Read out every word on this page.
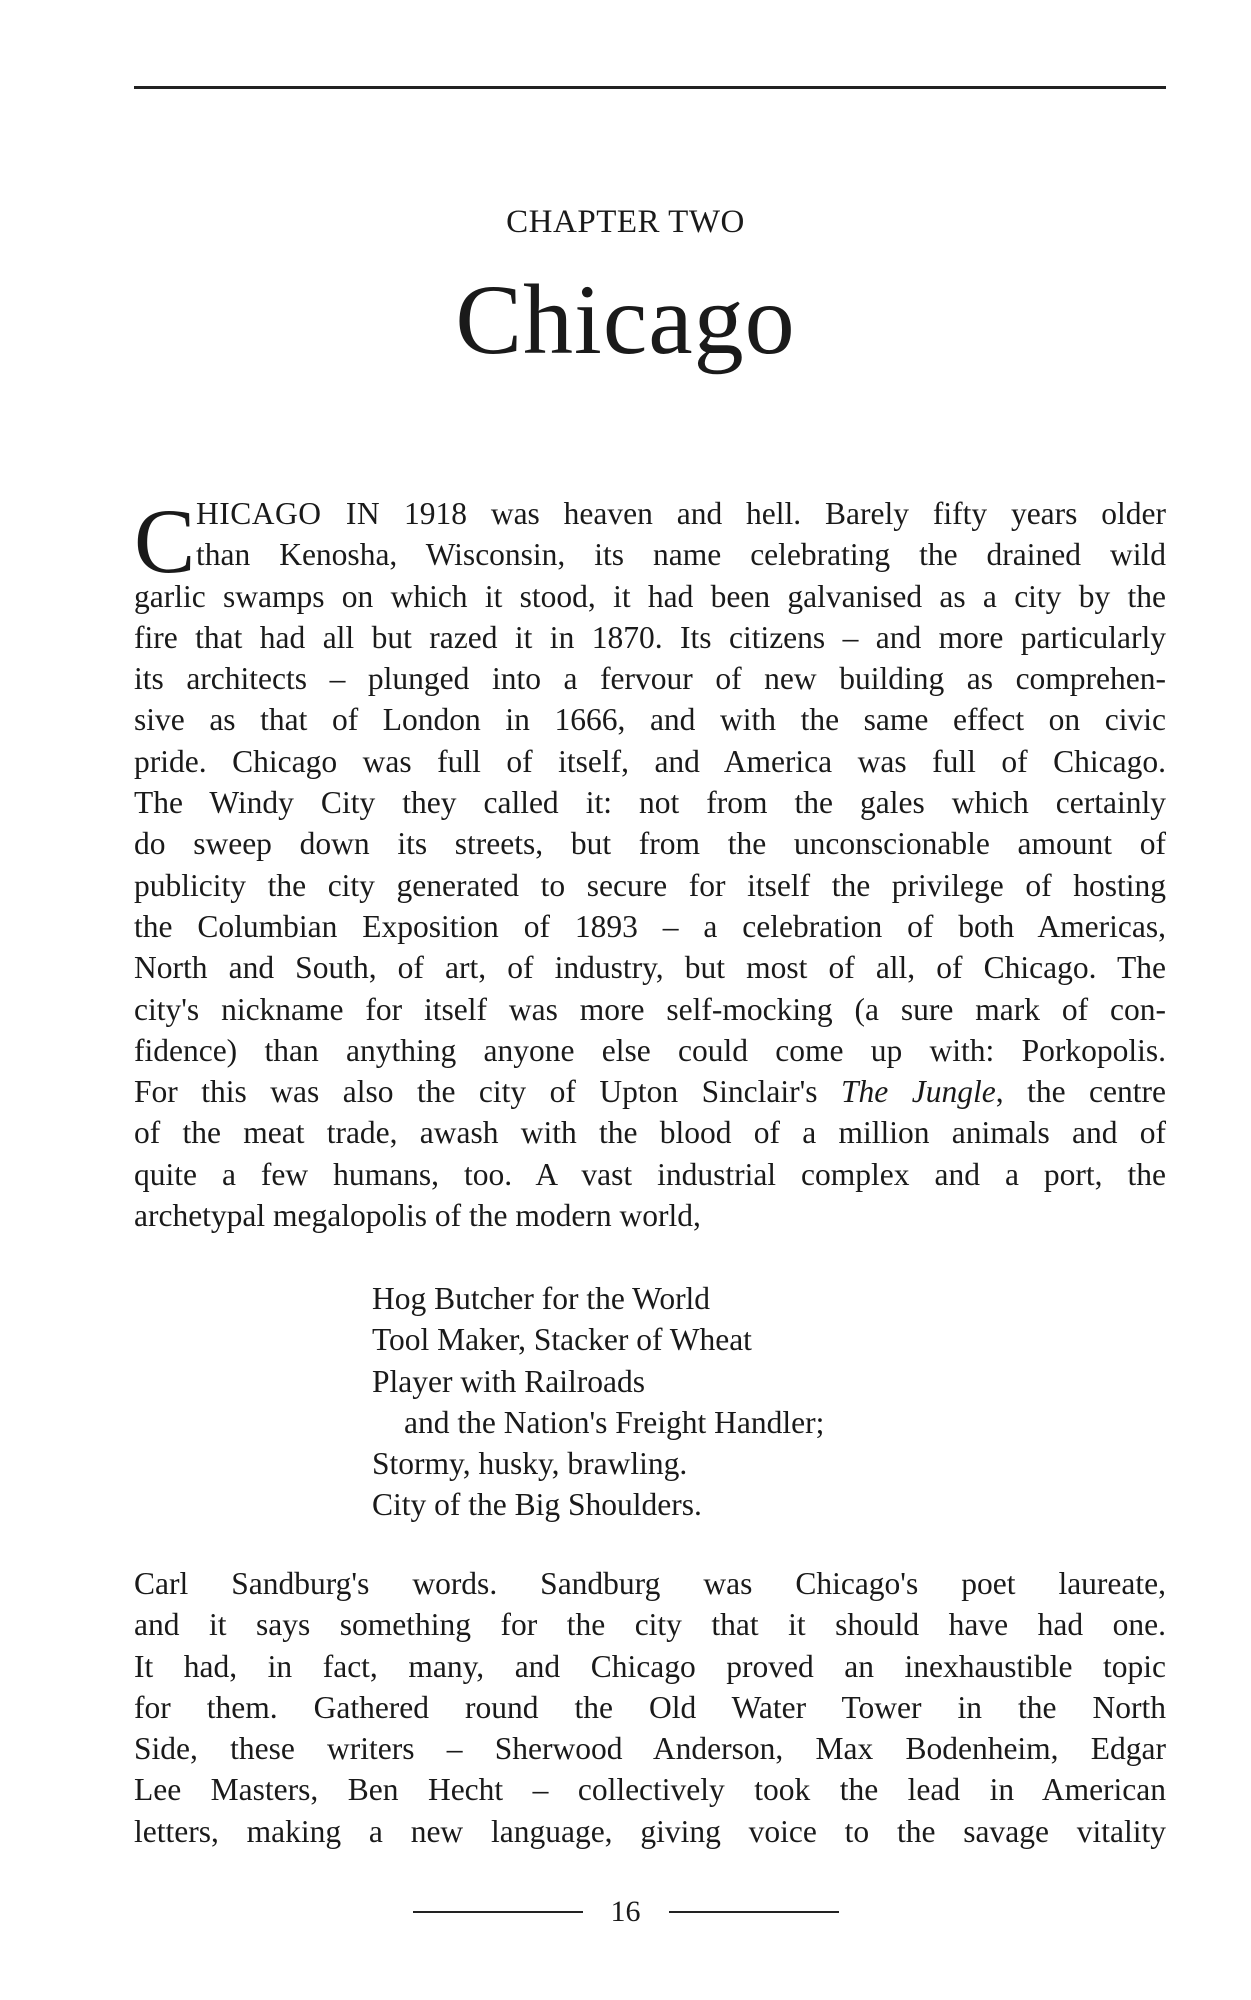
CHAPTER TWO
Chicago
C HICAGO IN 1918 was heaven and hell. Barely fifty years older
than Kenosha, Wisconsin, its name celebrating the drained wild
garlic swamps on which it stood, it had been galvanised as a city by the
fire that had all but razed it in 1870. Its citizens – and more particularly
its architects – plunged into a fervour of new building as comprehen-
sive as that of London in 1666, and with the same effect on civic
pride. Chicago was full of itself, and America was full of Chicago.
The Windy City they called it: not from the gales which certainly
do sweep down its streets, but from the unconscionable amount of
publicity the city generated to secure for itself the privilege of hosting
the Columbian Exposition of 1893 – a celebration of both Americas,
North and South, of art, of industry, but most of all, of Chicago. The
city's nickname for itself was more self-mocking (a sure mark of con-
fidence) than anything anyone else could come up with: Porkopolis.
For this was also the city of Upton Sinclair's The Jungle, the centre
of the meat trade, awash with the blood of a million animals and of
quite a few humans, too. A vast industrial complex and a port, the
archetypal megalopolis of the modern world,
Hog Butcher for the World
Tool Maker, Stacker of Wheat
Player with Railroads
and the Nation's Freight Handler;
Stormy, husky, brawling.
City of the Big Shoulders.
Carl Sandburg's words. Sandburg was Chicago's poet laureate,
and it says something for the city that it should have had one.
It had, in fact, many, and Chicago proved an inexhaustible topic
for them. Gathered round the Old Water Tower in the North
Side, these writers – Sherwood Anderson, Max Bodenheim, Edgar
Lee Masters, Ben Hecht – collectively took the lead in American
letters, making a new language, giving voice to the savage vitality
16
